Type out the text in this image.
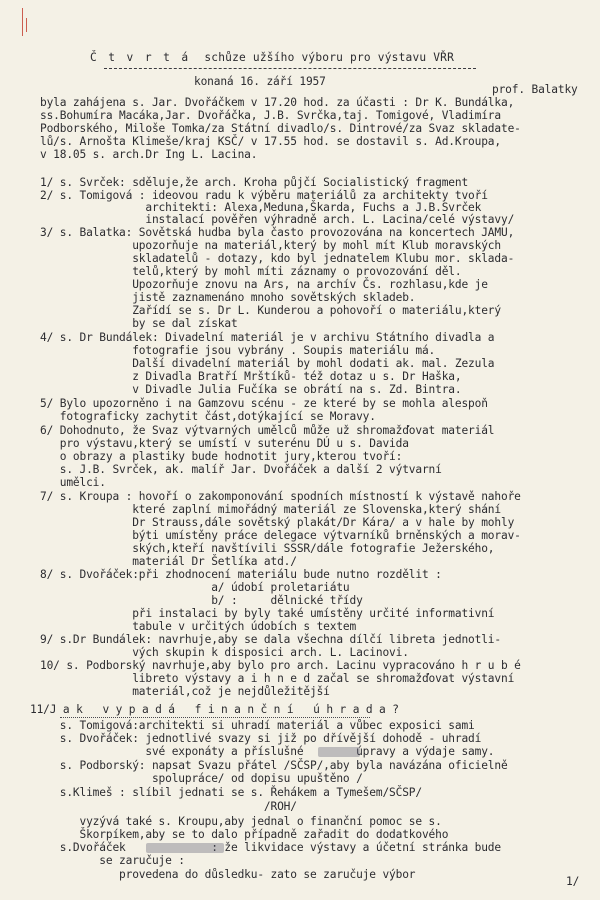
Č t v r t á schůze užšího výboru pro výstavu VŘR
konaná 16. září 1957
prof. Balatky
byla zahájena s. Jar. Dvořáčkem v 17.20 hod. za účasti : Dr K. Bundálka,
ss.Bohumíra Macáka,Jar. Dvořáčka, J.B. Svrčka,taj. Tomigové, Vladimíra
Podborského, Miloše Tomka/za Státní divadlo/s. Dintrové/za Svaz skladate-
lů/s. Arnošta Klimeše/kraj KSČ/ v 17.55 hod. se dostavil s. Ad.Kroupa,
v 18.05 s. arch.Dr Ing L. Lacina.
1/ s. Svrček: sděluje,že arch. Kroha půjčí Socialistický fragment
2/ s. Tomigová : ideovou radu k výběru materiálů za architekty tvoří
architekti: Alexa,Meduna,Škarda, Fuchs a J.B.Svrček
instalací pověřen výhradně arch. L. Lacina/celé výstavy/
3/ s. Balatka: Sovětská hudba byla často provozována na koncertech JAMU,
upozorňuje na materiál,který by mohl mít Klub moravských
skladatelů - dotazy, kdo byl jednatelem Klubu mor. sklada-
telů,který by mohl míti záznamy o provozování děl.
Upozorňuje znovu na Ars, na archív Čs. rozhlasu,kde je
jistě zaznamenáno mnoho sovětských skladeb.
Zařídí se s. Dr L. Kunderou a pohovoří o materiálu,který
by se dal získat
4/ s. Dr Bundálek: Divadelní materiál je v archivu Státního divadla a
fotografie jsou vybrány . Soupis materiálu má.
Další divadelní materiál by mohl dodati ak. mal. Zezula
z Divadla Bratří Mrštíků- též dotaz u s. Dr Haška,
v Divadle Julia Fučíka se obrátí na s. Zd. Bintra.
5/ Bylo upozorněno i na Gamzovu scénu - ze které by se mohla alespoň
fotograficky zachytit část,dotýkající se Moravy.
6/ Dohodnuto, že Svaz výtvarných umělců může už shromažďovat materiál
pro výstavu,který se umístí v suterénu DÚ u s. Davida
o obrazy a plastiky bude hodnotit jury,kterou tvoří:
s. J.B. Svrček, ak. malíř Jar. Dvořáček a další 2 výtvarní
umělci.
7/ s. Kroupa : hovoří o zakomponování spodních místností k výstavě nahoře
které zaplní mimořádný materiál ze Slovenska,který shání
Dr Strauss,dále sovětský plakát/Dr Kára/ a v hale by mohly
býti umístěny práce delegace výtvarníků brněnských a morav-
ských,kteří navštívili SSSR/dále fotografie Ježerského,
materiál Dr Šetlíka atd./
8/ s. Dvořáček:při zhodnocení materiálu bude nutno rozdělit :
a/ údobí proletariátu
b/ :     dělnické třídy
při instalaci by byly také umístěny určité informativní
tabule v určitých údobích s textem
9/ s.Dr Bundálek: navrhuje,aby se dala všechna dílčí libreta jednotli-
vých skupin k disposici arch. L. Lacinovi.
10/ s. Podborský navrhuje,aby bylo pro arch. Lacinu vypracováno h r u b é
libreto výstavy a i h n e d začal se shromažďovat výstavní
materiál,což je nejdůležitější
11/J a k   v y p a d á   f i n a n č n í   ú h r a d a ?
s. Tomigová:architekti si uhradí materiál a vůbec exposici sami
s. Dvořáček: jednotlivé svazy si již po dřívější dohodě - uhradí
své exponáty a příslušné        úpravy a výdaje samy.
s. Podborský: napsat Svazu přátel /SČSP/,aby byla navázána oficielně
spolupráce/ od dopisu upuštěno /
s.Klimeš : slíbil jednati se s. Řehákem a Tymešem/SČSP/
/ROH/
vyzývá také s. Kroupu,aby jednal o finanční pomoc se s.
Škorpíkem,aby se to dalo případně zařadit do dodatkového
s.Dvořáček             : že likvidace výstavy a účetní stránka bude
se zaručuje :
provedena do důsledku- zato se zaručuje výbor
1/
